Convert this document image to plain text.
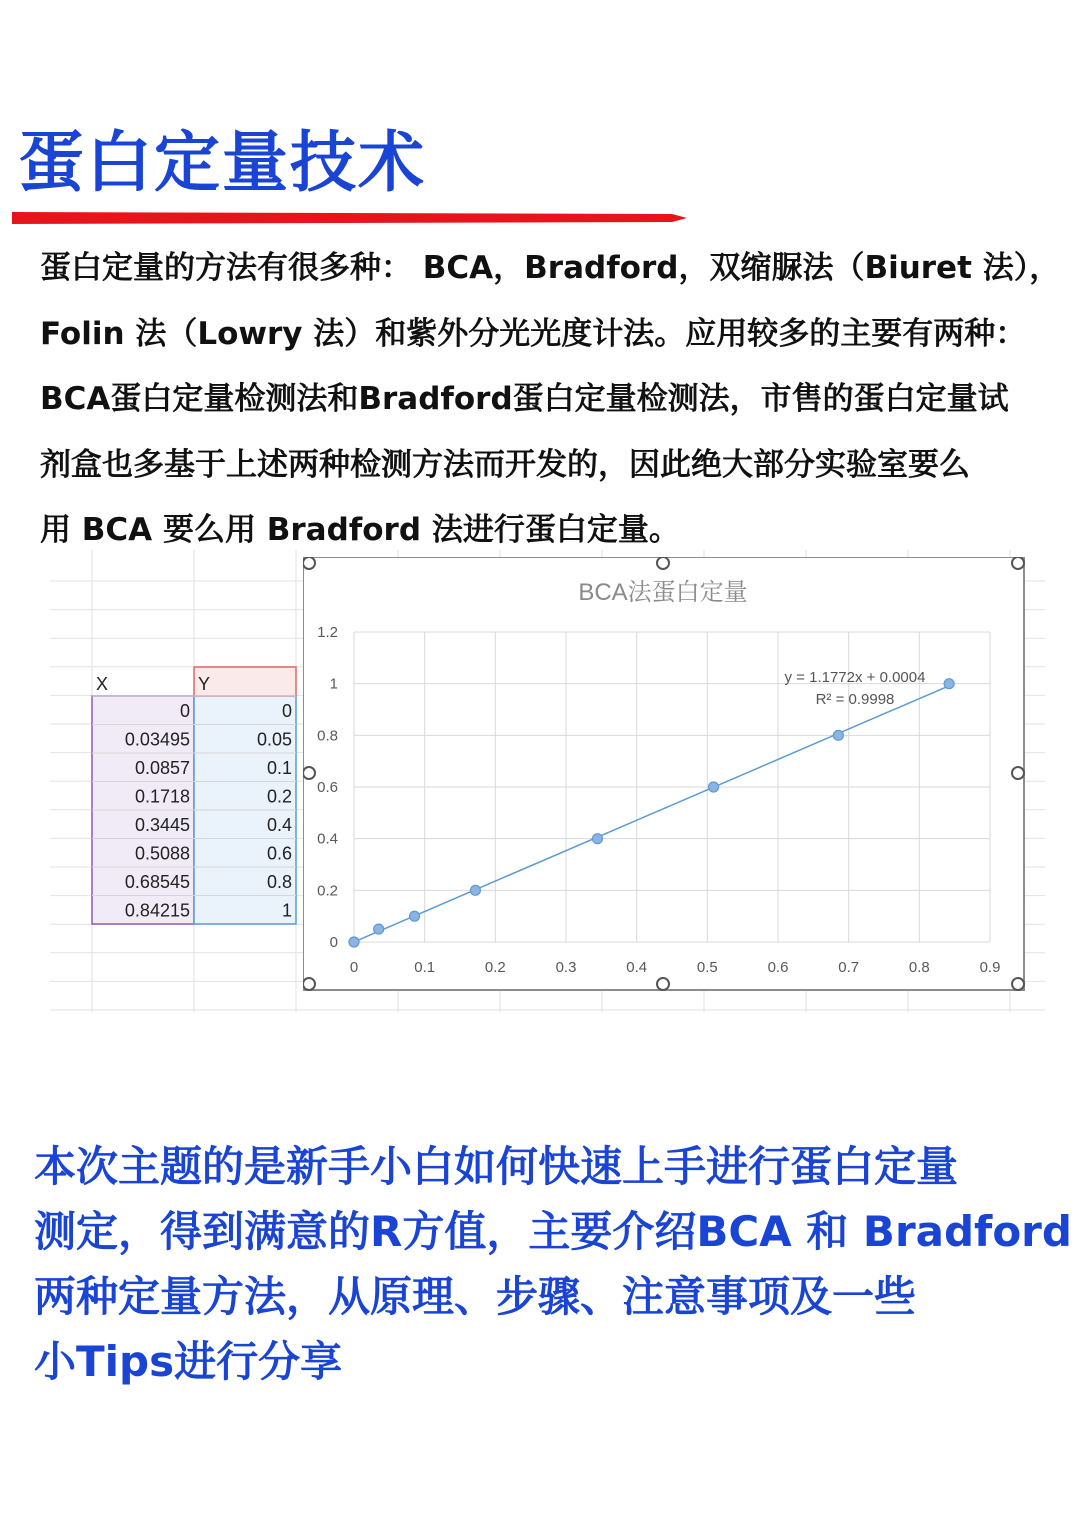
蛋白定量技术
蛋白定量的方法有很多种： BCA，Bradford，双缩脲法（Biuret 法），
Folin 法（Lowry 法）和紫外分光光度计法。应用较多的主要有两种：
BCA蛋白定量检测法和Bradford蛋白定量检测法，市售的蛋白定量试
剂盒也多基于上述两种检测方法而开发的，因此绝大部分实验室要么
用 BCA 要么用 Bradford 法进行蛋白定量。
X	Y
0	0
0.03495	0.05
0.0857	0.1
0.1718	0.2
0.3445	0.4
0.5088	0.6
0.68545	0.8
0.84215	1
BCA法蛋白定量
0	0.1	0.2	0.3	0.4	0.5	0.6	0.7	0.8	0.9
0
0.2
0.4
0.6
0.8
1
1.2
y = 1.1772x + 0.0004
R² = 0.9998
本次主题的是新手小白如何快速上手进行蛋白定量
测定，得到满意的R方值，主要介绍BCA 和 Bradford
两种定量方法，从原理、步骤、注意事项及一些
小Tips进行分享
